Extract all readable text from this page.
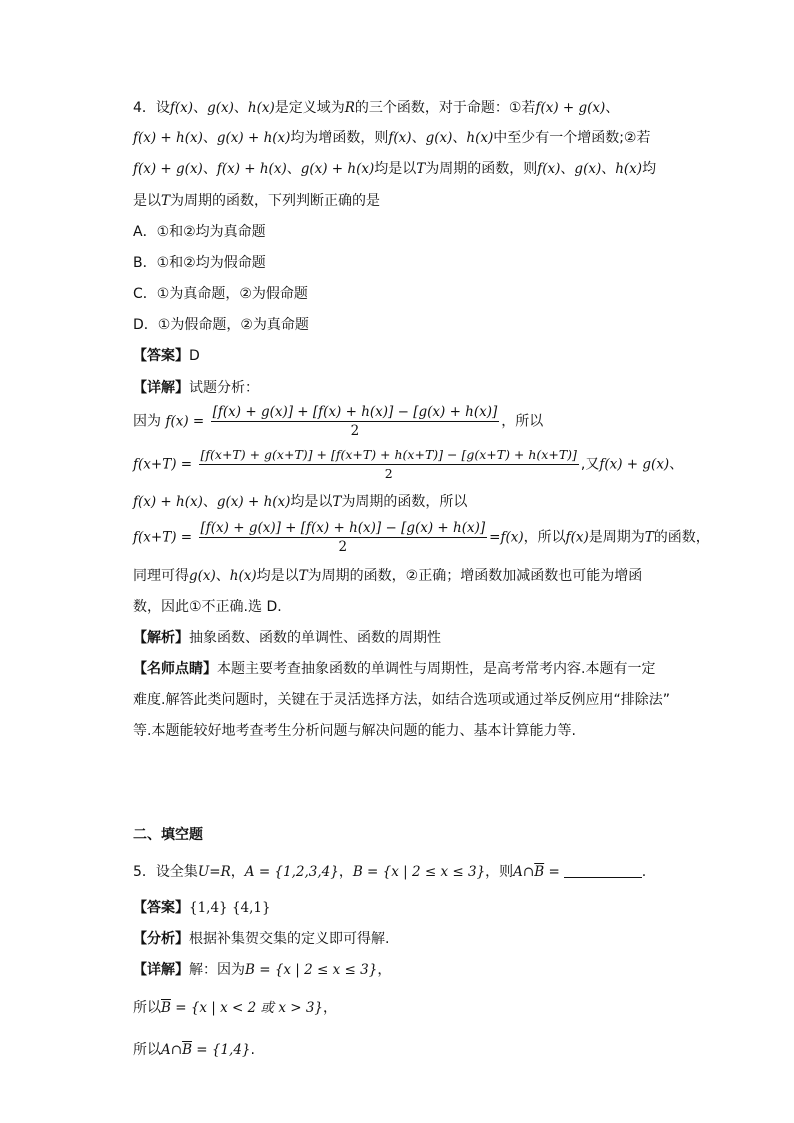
4．设f(x)、g(x)、h(x)是定义域为R的三个函数，对于命题：①若f(x) + g(x)、
f(x) + h(x)、g(x) + h(x)均为增函数，则f(x)、g(x)、h(x)中至少有一个增函数;②若
f(x) + g(x)、f(x) + h(x)、g(x) + h(x)均是以T为周期的函数，则f(x)、g(x)、h(x)均
是以T为周期的函数，下列判断正确的是
A．①和②均为真命题
B．①和②均为假命题
C．①为真命题，②为假命题
D．①为假命题，②为真命题
【答案】D
【详解】试题分析：
因为 $f(x) = \frac{[f(x) + g(x)] + [f(x) + h(x)] - [g(x) + h(x)]}{2}$ ，所以
$f(x+T) = \frac{[f(x+T) + g(x+T)] + [f(x+T) + h(x+T)] - [g(x+T) + h(x+T)]}{2}$ ,又f(x) + g(x)、
f(x) + h(x)、g(x) + h(x)均是以T为周期的函数，所以
$f(x+T) = \frac{[f(x) + g(x)] + [f(x) + h(x)] - [g(x) + h(x)]}{2} =f(x)$，所以f(x)是周期为T的函数，
同理可得g(x)、h(x)均是以T为周期的函数，②正确；增函数加减函数也可能为增函
数，因此①不正确.选 D.
【解析】抽象函数、函数的单调性、函数的周期性
【名师点睛】本题主要考查抽象函数的单调性与周期性，是高考常考内容.本题有一定
难度.解答此类问题时，关键在于灵活选择方法，如结合选项或通过举反例应用“排除法”
等.本题能较好地考查考生分析问题与解决问题的能力、基本计算能力等.
二、填空题
5．设全集U=R，A = {1,2,3,4}，B = {x | 2 ≤ x ≤ 3}，则$A\cap\overline{B}$ =	.
【答案】{1,4} {4,1}
【分析】根据补集贺交集的定义即可得解.
【详解】解：因为B = {x | 2 ≤ x ≤ 3}，
所以$\overline{B} = \{x$ | x < 2 或 x > 3}，
所以$A\cap\overline{B} = \{1,4\}$.
